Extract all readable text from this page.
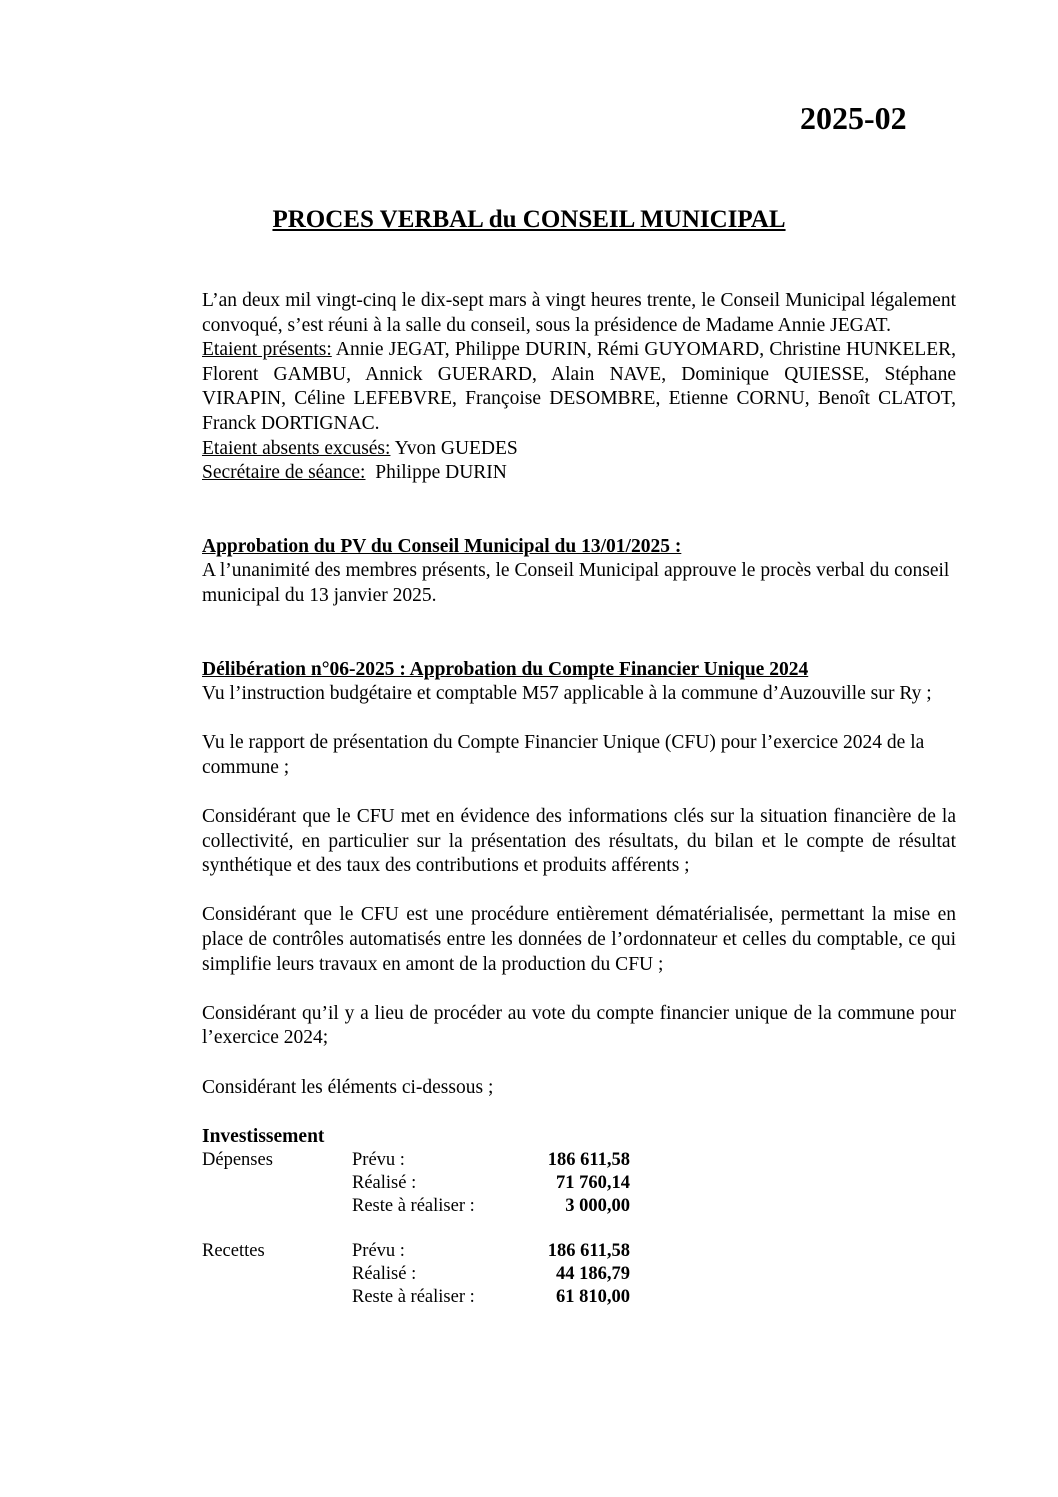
2025-02
PROCES VERBAL du CONSEIL MUNICIPAL

L’an deux mil vingt-cinq le dix-sept mars à vingt heures trente, le Conseil Municipal légalement convoqué, s’est réuni à la salle du conseil, sous la présidence de Madame Annie JEGAT.

Etaient présents: Annie JEGAT, Philippe DURIN, Rémi GUYOMARD, Christine HUNKELER, Florent GAMBU, Annick GUERARD, Alain NAVE, Dominique QUIESSE, Stéphane VIRAPIN, Céline LEFEBVRE, Françoise DESOMBRE, Etienne CORNU, Benoît CLATOT, Franck DORTIGNAC.

Etaient absents excusés: Yvon GUEDES

Secrétaire de séance:  Philippe DURIN

Approbation du PV du Conseil Municipal du 13/01/2025 :

A l’unanimité des membres présents, le Conseil Municipal approuve le procès verbal du conseil municipal du 13 janvier 2025.

Délibération n°06-2025 : Approbation du Compte Financier Unique 2024

Vu l’instruction budgétaire et comptable M57 applicable à la commune d’Auzouville sur Ry ;

Vu le rapport de présentation du Compte Financier Unique (CFU) pour l’exercice 2024 de la commune ;

Considérant que le CFU met en évidence des informations clés sur la situation financière de la collectivité, en particulier sur la présentation des résultats, du bilan et le compte de résultat synthétique et des taux des contributions et produits afférents ;

Considérant que le CFU est une procédure entièrement dématérialisée, permettant la mise en place de contrôles automatisés entre les données de l’ordonnateur et celles du comptable, ce qui simplifie leurs travaux en amont de la production du CFU ;

Considérant qu’il y a lieu de procéder au vote du compte financier unique de la commune pour l’exercice 2024;

Considérant les éléments ci-dessous ;

Investissement

Dépenses	Prévu :	186 611,58
	Réalisé :	71 760,14
	Reste à réaliser :	3 000,00

Recettes	Prévu :	186 611,58
	Réalisé :	44 186,79
	Reste à réaliser :	61 810,00
